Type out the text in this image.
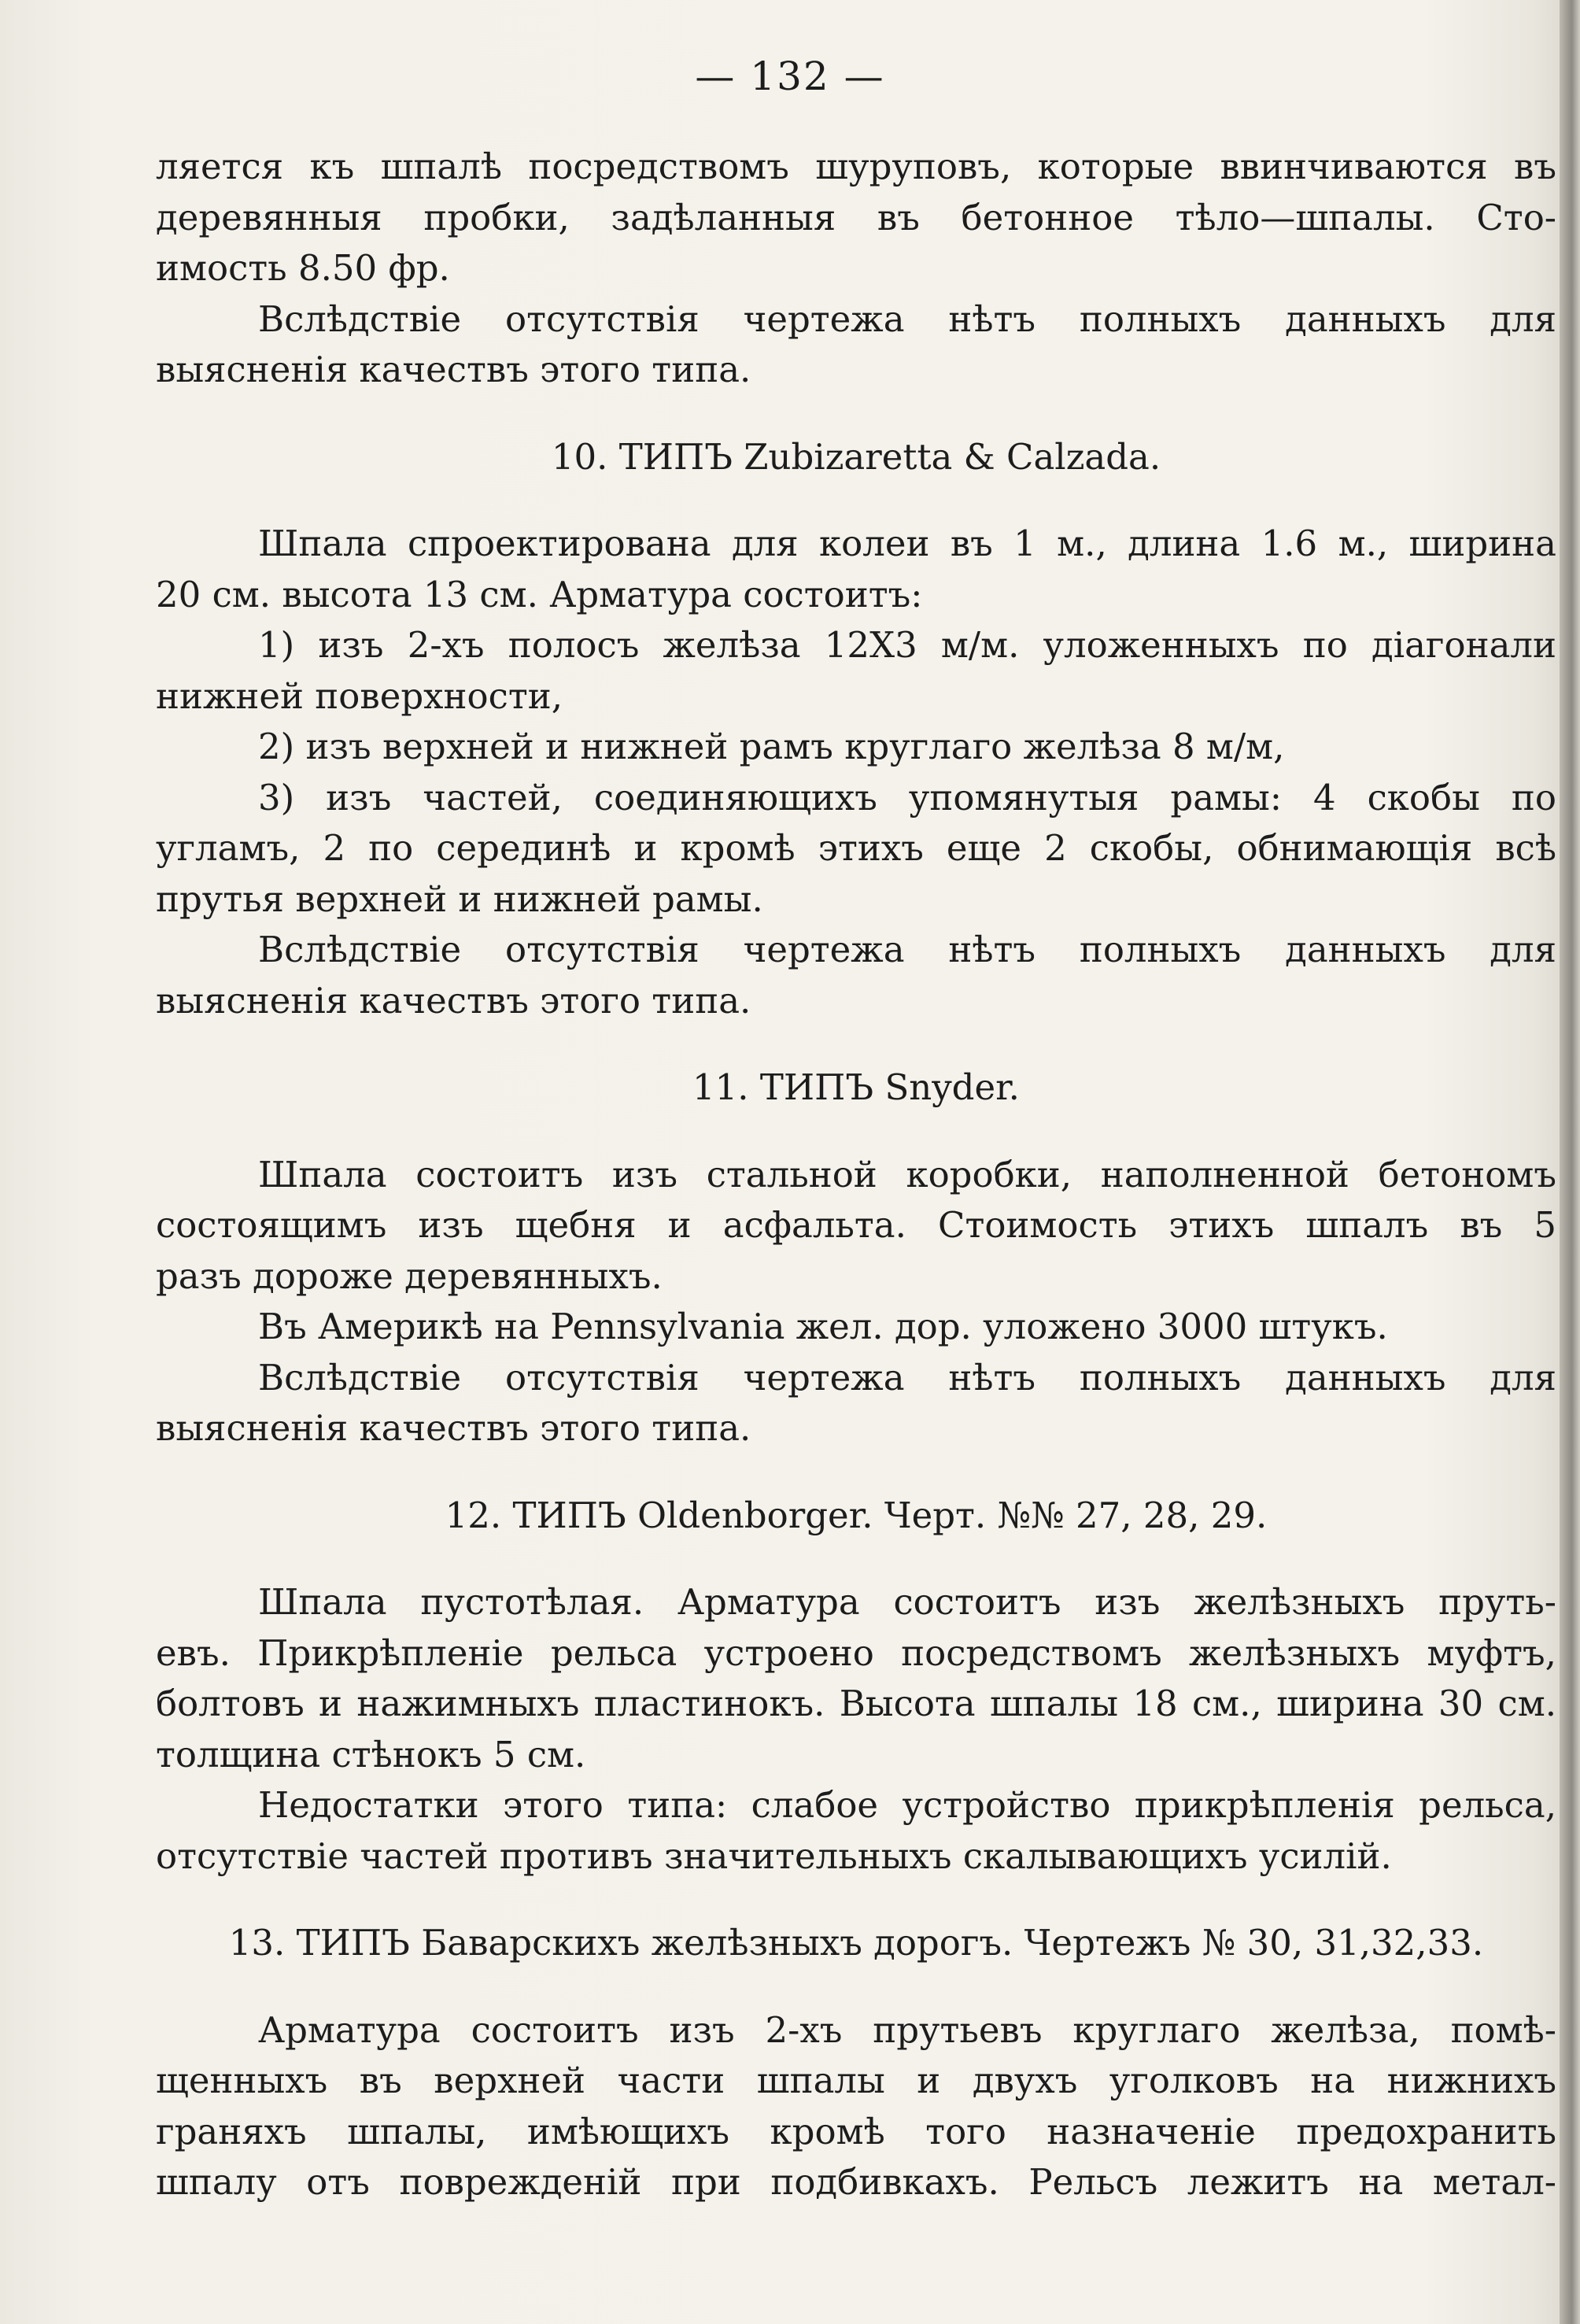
— 132 —
ляется къ шпалѣ посредствомъ шуруповъ, которые ввинчиваются въ
деревянныя пробки, задѣланныя въ бетонное тѣло—шпалы. Сто-
имость 8.50 фр.
Вслѣдствіе отсутствія чертежа нѣтъ полныхъ данныхъ для
выясненія качествъ этого типа.
10. ТИПЪ Zubizaretta & Calzada.
Шпала спроектирована для колеи въ 1 м., длина 1.6 м., ширина
20 см. высота 13 см. Арматура состоитъ:
1) изъ 2-хъ полосъ желѣза 12Х3 м/м. уложенныхъ по діагонали
нижней поверхности,
2) изъ верхней и нижней рамъ круглаго желѣза 8 м/м,
3) изъ частей, соединяющихъ упомянутыя рамы: 4 скобы по
угламъ, 2 по серединѣ и кромѣ этихъ еще 2 скобы, обнимающія всѣ
прутья верхней и нижней рамы.
Вслѣдствіе отсутствія чертежа нѣтъ полныхъ данныхъ для
выясненія качествъ этого типа.
11. ТИПЪ Snyder.
Шпала состоитъ изъ стальной коробки, наполненной бетономъ
состоящимъ изъ щебня и асфальта. Стоимость этихъ шпалъ въ 5
разъ дороже деревянныхъ.
Въ Америкѣ на Pennsylvania жел. дор. уложено 3000 штукъ.
Вслѣдствіе отсутствія чертежа нѣтъ полныхъ данныхъ для
выясненія качествъ этого типа.
12. ТИПЪ Oldenborger. Черт. №№ 27, 28, 29.
Шпала пустотѣлая. Арматура состоитъ изъ желѣзныхъ пруть-
евъ. Прикрѣпленіе рельса устроено посредствомъ желѣзныхъ муфтъ,
болтовъ и нажимныхъ пластинокъ. Высота шпалы 18 см., ширина 30 см.
толщина стѣнокъ 5 см.
Недостатки этого типа: слабое устройство прикрѣпленія рельса,
отсутствіе частей противъ значительныхъ скалывающихъ усилій.
13. ТИПЪ Баварскихъ желѣзныхъ дорогъ. Чертежъ № 30, 31,32,33.
Арматура состоитъ изъ 2-хъ прутьевъ круглаго желѣза, помѣ-
щенныхъ въ верхней части шпалы и двухъ уголковъ на нижнихъ
граняхъ шпалы, имѣющихъ кромѣ того назначеніе предохранить
шпалу отъ поврежденій при подбивкахъ. Рельсъ лежитъ на метал-
